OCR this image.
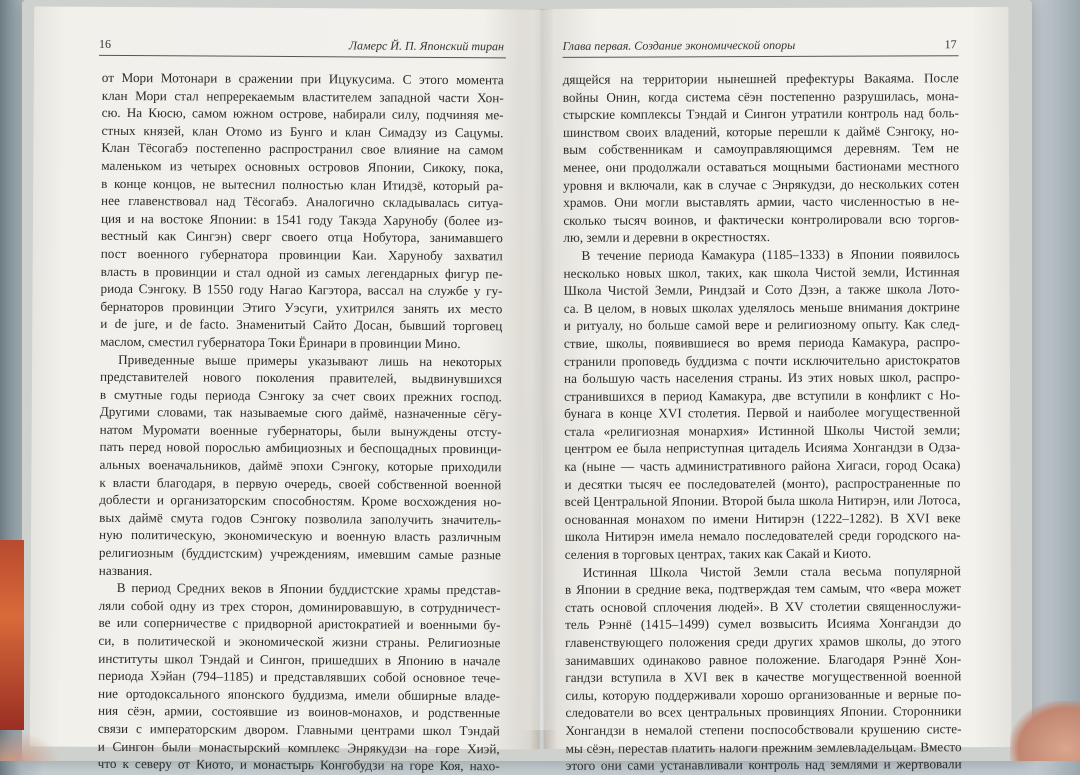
16	Ламерс Й. П. Японский тиран
от Мори Мотонари в сражении при Ицукусима. С этого момента
клан Мори стал непререкаемым властителем западной части Хон-
сю. На Кюсю, самом южном острове, набирали силу, подчиняя ме-
стных князей, клан Отомо из Бунго и клан Симадзу из Сацумы.
Клан Тёсогабэ постепенно распространил свое влияние на самом
маленьком из четырех основных островов Японии, Сикоку, пока,
в конце концов, не вытеснил полностью клан Итидзё, который ра-
нее главенствовал над Тёсогабэ. Аналогично складывалась ситуа-
ция и на востоке Японии: в 1541 году Такэда Харунобу (более из-
вестный как Сингэн) сверг своего отца Нобутора, занимавшего
пост военного губернатора провинции Каи. Харунобу захватил
власть в провинции и стал одной из самых легендарных фигур пе-
риода Сэнгоку. В 1550 году Нагао Кагэтора, вассал на службе у гу-
бернаторов провинции Этиго Уэсуги, ухитрился занять их место
и de jure, и de facto. Знаменитый Сайто Досан, бывший торговец
маслом, сместил губернатора Токи Ёринари в провинции Мино.
Приведенные выше примеры указывают лишь на некоторых
представителей нового поколения правителей, выдвинувшихся
в смутные годы периода Сэнгоку за счет своих прежних господ.
Другими словами, так называемые сюго даймё, назначенные сёгу-
натом Муромати военные губернаторы, были вынуждены отсту-
пать перед новой порослью амбициозных и беспощадных провинци-
альных военачальников, даймё эпохи Сэнгоку, которые приходили
к власти благодаря, в первую очередь, своей собственной военной
доблести и организаторским способностям. Кроме восхождения но-
вых даймё смута годов Сэнгоку позволила заполучить значитель-
ную политическую, экономическую и военную власть различным
религиозным (буддистским) учреждениям, имевшим самые разные
названия.
В период Средних веков в Японии буддистские храмы представ-
ляли собой одну из трех сторон, доминировавшую, в сотрудничест-
ве или соперничестве с придворной аристократией и военными бу-
си, в политической и экономической жизни страны. Религиозные
институты школ Тэндай и Сингон, пришедших в Японию в начале
периода Хэйан (794–1185) и представлявших собой основное тече-
ние ортодоксального японского буддизма, имели обширные владе-
ния сёэн, армии, состоявшие из воинов-монахов, и родственные
связи с императорским двором. Главными центрами школ Тэндай
и Сингон были монастырский комплекс Энрякудзи на горе Хиэй,
что к северу от Киото, и монастырь Конгобудзи на горе Коя, нахо-
Глава первая. Создание экономической опоры	17
дящейся на территории нынешней префектуры Вакаяма. После
войны Онин, когда система сёэн постепенно разрушилась, мона-
стырские комплексы Тэндай и Сингон утратили контроль над боль-
шинством своих владений, которые перешли к даймё Сэнгоку, но-
вым собственникам и самоуправляющимся деревням. Тем не
менее, они продолжали оставаться мощными бастионами местного
уровня и включали, как в случае с Энрякудзи, до нескольких сотен
храмов. Они могли выставлять армии, часто численностью в не-
сколько тысяч воинов, и фактически контролировали всю торгов-
лю, земли и деревни в окрестностях.
В течение периода Камакура (1185–1333) в Японии появилось
несколько новых школ, таких, как школа Чистой земли, Истинная
Школа Чистой Земли, Риндзай и Сото Дзэн, а также школа Лото-
са. В целом, в новых школах уделялось меньше внимания доктрине
и ритуалу, но больше самой вере и религиозному опыту. Как след-
ствие, школы, появившиеся во время периода Камакура, распро-
странили проповедь буддизма с почти исключительно аристократов
на большую часть населения страны. Из этих новых школ, распро-
странившихся в период Камакура, две вступили в конфликт с Но-
бунага в конце XVI столетия. Первой и наиболее могущественной
стала «религиозная монархия» Истинной Школы Чистой земли;
центром ее была неприступная цитадель Исияма Хонгандзи в Одза-
ка (ныне — часть административного района Хигаси, город Осака)
и десятки тысяч ее последователей (монто), распространенные по
всей Центральной Японии. Второй была школа Нитирэн, или Лотоса,
основанная монахом по имени Нитирэн (1222–1282). В XVI веке
школа Нитирэн имела немало последователей среди городского на-
селения в торговых центрах, таких как Сакай и Киото.
Истинная Школа Чистой Земли стала весьма популярной
в Японии в средние века, подтверждая тем самым, что «вера может
стать основой сплочения людей». В XV столетии священнослужи-
тель Рэннё (1415–1499) сумел возвысить Исияма Хонгандзи до
главенствующего положения среди других храмов школы, до этого
занимавших одинаково равное положение. Благодаря Рэннё Хон-
гандзи вступила в XVI век в качестве могущественной военной
силы, которую поддерживали хорошо организованные и верные по-
следователи во всех центральных провинциях Японии. Сторонники
Хонгандзи в немалой степени поспособствовали крушению систе-
мы сёэн, перестав платить налоги прежним землевладельцам. Вместо
этого они сами устанавливали контроль над землями и жертвовали
